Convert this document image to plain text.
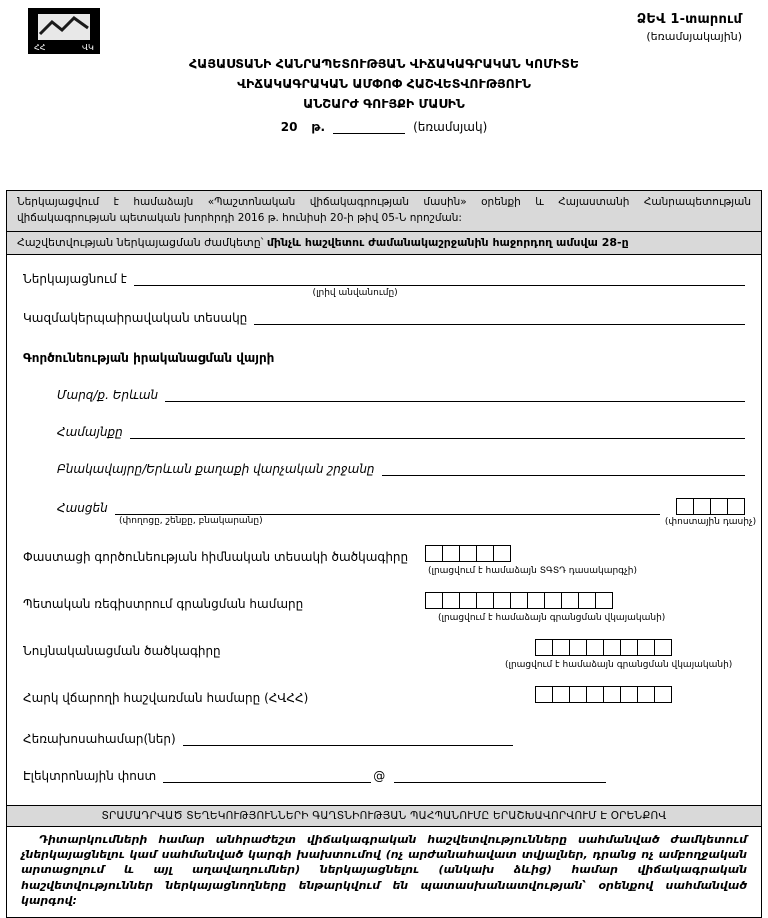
ՀՀ	ՎԿ
ՁԵՎ 1-տարում
(եռամսյակային)
ՀԱՅԱՍՏԱՆԻ ՀԱՆՐԱՊԵՏՈՒԹՅԱՆ ՎԻՃԱԿԱԳՐԱԿԱՆ ԿՈՄԻՏԵ
ՎԻՃԱԿԱԳՐԱԿԱՆ ԱՄՓՈՓ ՀԱՇՎԵՏՎՈՒԹՅՈՒՆ
ԱՆՇԱՐԺ ԳՈՒՅՔԻ ՄԱՍԻՆ
20 թ.	(եռամսյակ)
Ներկայացվում է համաձայն «Պաշտոնական վիճակագրության մասին» օրենքի և Հայաստանի Հանրապետության վիճակագրության պետական խորհրդի 2016 թ. հունիսի 20-ի թիվ 05-Ն որոշման:
Հաշվետվության ներկայացման ժամկետը՝ մինչև հաշվետու ժամանակաշրջանին հաջորդող ամսվա 28-ը
Ներկայացնում է
(լրիվ անվանումը)
Կազմակերպաիրավական տեսակը
Գործունեության իրականացման վայրի
Մարզ/ք. Երևան
Համայնքը
Բնակավայրը/Երևան քաղաքի վարչական շրջանը
Հասցեն
(փողոցը, շենքը, բնակարանը)	(փոստային դասիչ)
Փաստացի գործունեության հիմնական տեսակի ծածկագիրը
(լրացվում է համաձայն ՏԳՏԴ դասակարգչի)
Պետական ռեգիստրում գրանցման համարը
(լրացվում է համաձայն գրանցման վկայականի)
Նույնականացման ծածկագիրը
(լրացվում է համաձայն գրանցման վկայականի)
Հարկ վճարողի հաշվառման համարը (ՀՎՀՀ)
Հեռախոսահամար(ներ)
Էլեկտրոնային փոստ	@
ՏՐԱՄԱԴՐՎԱԾ ՏԵՂԵԿՈՒԹՅՈՒՆՆԵՐԻ ԳԱՂՏՆԻՈՒԹՅԱՆ ՊԱՀՊԱՆՈՒՄԸ ԵՐԱՇԽԱՎՈՐՎՈՒՄ Է ՕՐԵՆՔՈՎ
Դիտարկումների համար անհրաժեշտ վիճակագրական հաշվետվությունները սահմանված ժամկետում չներկայացնելու կամ սահմանված կարգի խախտումով (ոչ արժանահավատ տվյալներ, դրանց ոչ ամբողջական արտացոլում և այլ աղավաղումներ) ներկայացնելու (անկախ ձևից) համար վիճակագրական հաշվետվություններ ներկայացնողները ենթարկվում են պատասխանատվության՝ օրենքով սահմանված կարգով:
